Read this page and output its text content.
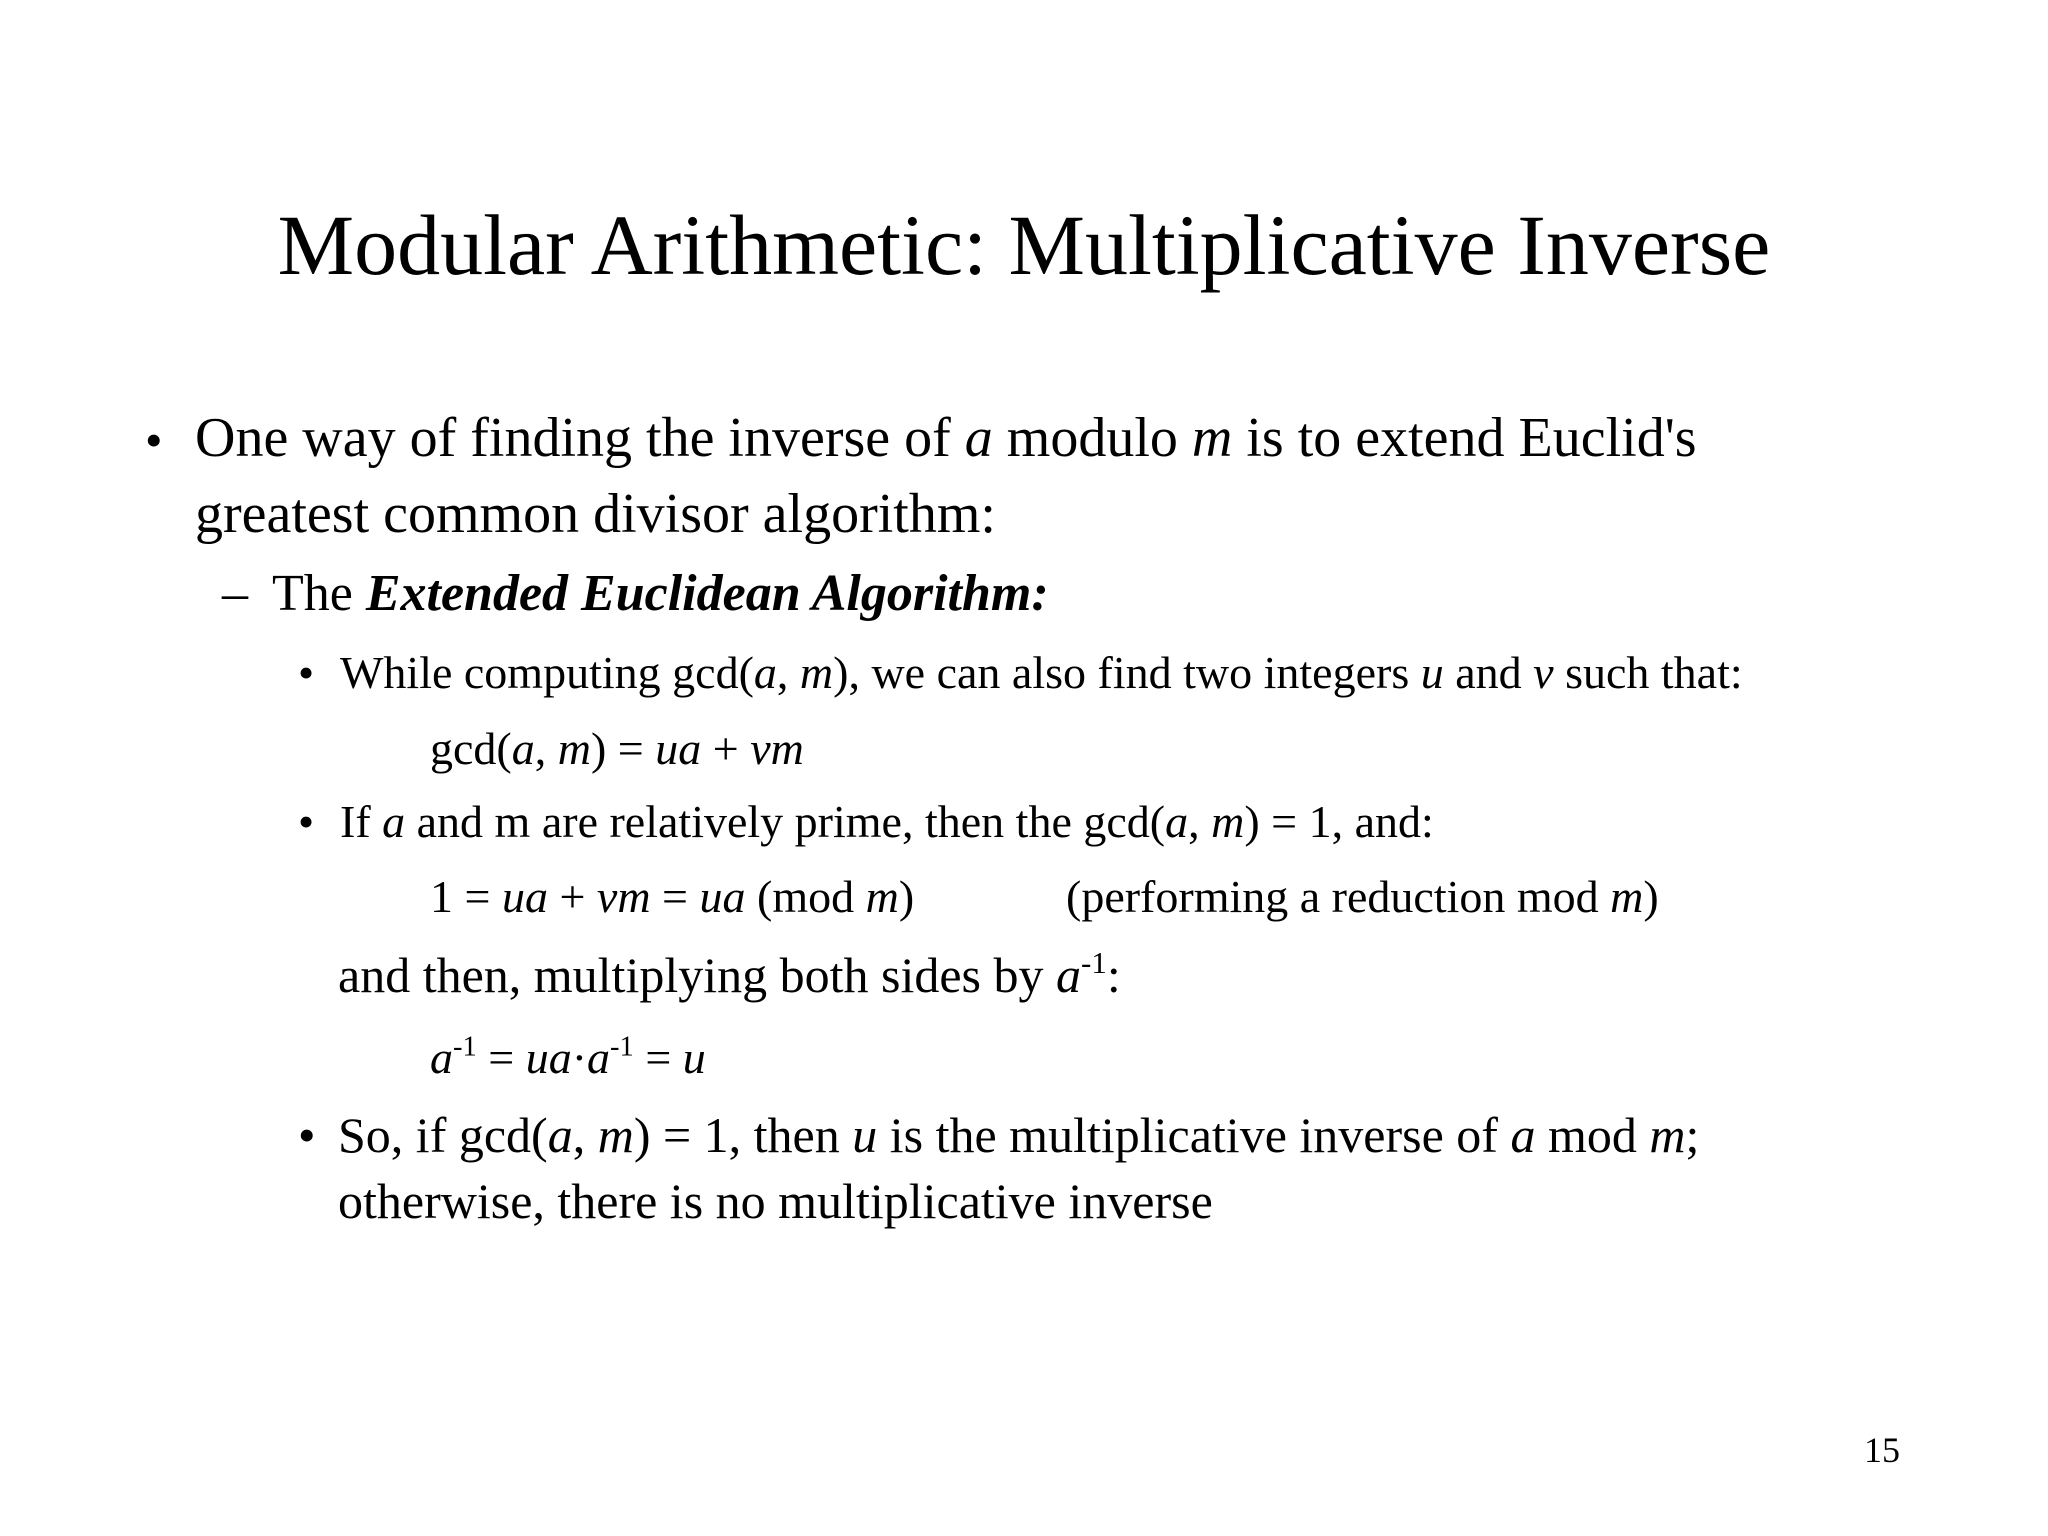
Modular Arithmetic: Multiplicative Inverse
• One way of finding the inverse of a modulo m is to extend Euclid's
greatest common divisor algorithm:
– The Extended Euclidean Algorithm:
• While computing gcd(a, m), we can also find two integers u and v such that:
gcd(a, m) = ua + vm
• If a and m are relatively prime, then the gcd(a, m) = 1, and:
1 = ua + vm = ua (mod m)	(performing a reduction mod m)
and then, multiplying both sides by $a^{-1}$:
$a^{-1} = ua\cdot a^{-1} = u$
• So, if gcd(a, m) = 1, then u is the multiplicative inverse of a mod m;
otherwise, there is no multiplicative inverse
15
